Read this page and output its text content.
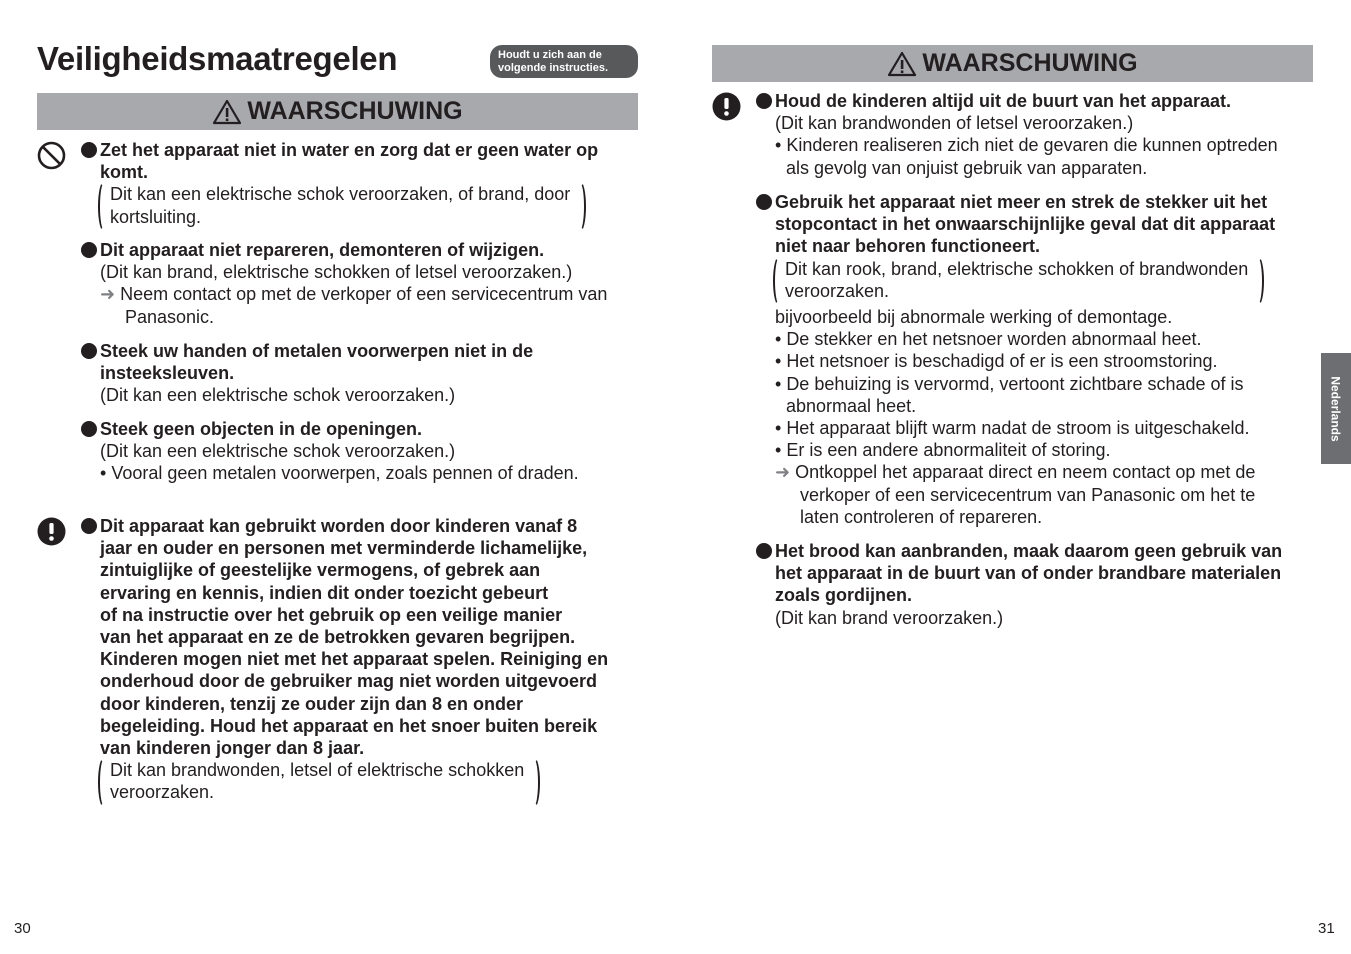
Veiligheidsmaatregelen	Houdt u zich aan de
volgende instructies.
WAARSCHUWING
Zet het apparaat niet in water en zorg dat er geen water op
komt.
Dit kan een elektrische schok veroorzaken, of brand, door
kortsluiting.
Dit apparaat niet repareren, demonteren of wijzigen.
(Dit kan brand, elektrische schokken of letsel veroorzaken.)
➜ Neem contact op met de verkoper of een servicecentrum van
Panasonic.
Steek uw handen of metalen voorwerpen niet in de
insteeksleuven.
(Dit kan een elektrische schok veroorzaken.)
Steek geen objecten in de openingen.
(Dit kan een elektrische schok veroorzaken.)
• Vooral geen metalen voorwerpen, zoals pennen of draden.
Dit apparaat kan gebruikt worden door kinderen vanaf 8
jaar en ouder en personen met verminderde lichamelijke,
zintuiglijke of geestelijke vermogens, of gebrek aan
ervaring en kennis, indien dit onder toezicht gebeurt
of na instructie over het gebruik op een veilige manier
van het apparaat en ze de betrokken gevaren begrijpen.
Kinderen mogen niet met het apparaat spelen. Reiniging en
onderhoud door de gebruiker mag niet worden uitgevoerd
door kinderen, tenzij ze ouder zijn dan 8 en onder
begeleiding. Houd het apparaat en het snoer buiten bereik
van kinderen jonger dan 8 jaar.
Dit kan brandwonden, letsel of elektrische schokken
veroorzaken.
30
WAARSCHUWING
Houd de kinderen altijd uit de buurt van het apparaat.
(Dit kan brandwonden of letsel veroorzaken.)
• Kinderen realiseren zich niet de gevaren die kunnen optreden
als gevolg van onjuist gebruik van apparaten.
Gebruik het apparaat niet meer en strek de stekker uit het
stopcontact in het onwaarschijnlijke geval dat dit apparaat
niet naar behoren functioneert.
Dit kan rook, brand, elektrische schokken of brandwonden
veroorzaken.
bijvoorbeeld bij abnormale werking of demontage.
• De stekker en het netsnoer worden abnormaal heet.
• Het netsnoer is beschadigd of er is een stroomstoring.
• De behuizing is vervormd, vertoont zichtbare schade of is
abnormaal heet.
• Het apparaat blijft warm nadat de stroom is uitgeschakeld.
• Er is een andere abnormaliteit of storing.
➜ Ontkoppel het apparaat direct en neem contact op met de
verkoper of een servicecentrum van Panasonic om het te
laten controleren of repareren.
Het brood kan aanbranden, maak daarom geen gebruik van
het apparaat in de buurt van of onder brandbare materialen
zoals gordijnen.
(Dit kan brand veroorzaken.)
Nederlands
31
